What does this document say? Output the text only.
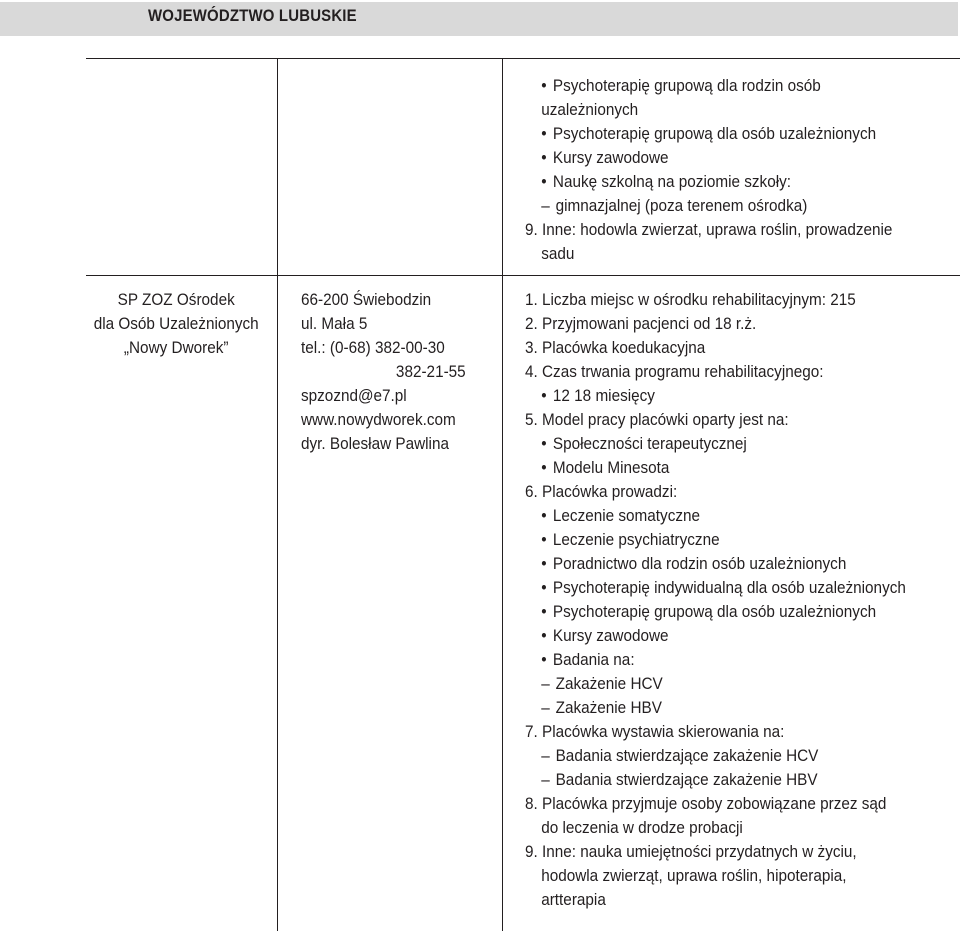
WOJEWÓDZTWO LUBUSKIE
• Psychoterapię grupową dla rodzin osób
uzależnionych
• Psychoterapię grupową dla osób uzależnionych
• Kursy zawodowe
• Naukę szkolną na poziomie szkoły:
– gimnazjalnej (poza terenem ośrodka)
9. Inne: hodowla zwierzat, uprawa roślin, prowadzenie
sadu
SP ZOZ Ośrodek
dla Osób Uzależnionych
„Nowy Dworek”
66-200 Świebodzin
ul. Mała 5
tel.: (0-68) 382-00-30
382-21-55
spzoznd@e7.pl
www.nowydworek.com
dyr. Bolesław Pawlina
1. Liczba miejsc w ośrodku rehabilitacyjnym: 215
2. Przyjmowani pacjenci od 18 r.ż.
3. Placówka koedukacyjna
4. Czas trwania programu rehabilitacyjnego:
• 12 18 miesięcy
5. Model pracy placówki oparty jest na:
• Społeczności terapeutycznej
• Modelu Minesota
6. Placówka prowadzi:
• Leczenie somatyczne
• Leczenie psychiatryczne
• Poradnictwo dla rodzin osób uzależnionych
• Psychoterapię indywidualną dla osób uzależnionych
• Psychoterapię grupową dla osób uzależnionych
• Kursy zawodowe
• Badania na:
– Zakażenie HCV
– Zakażenie HBV
7. Placówka wystawia skierowania na:
– Badania stwierdzające zakażenie HCV
– Badania stwierdzające zakażenie HBV
8. Placówka przyjmuje osoby zobowiązane przez sąd
do leczenia w drodze probacji
9. Inne: nauka umiejętności przydatnych w życiu,
hodowla zwierząt, uprawa roślin, hipoterapia,
artterapia
